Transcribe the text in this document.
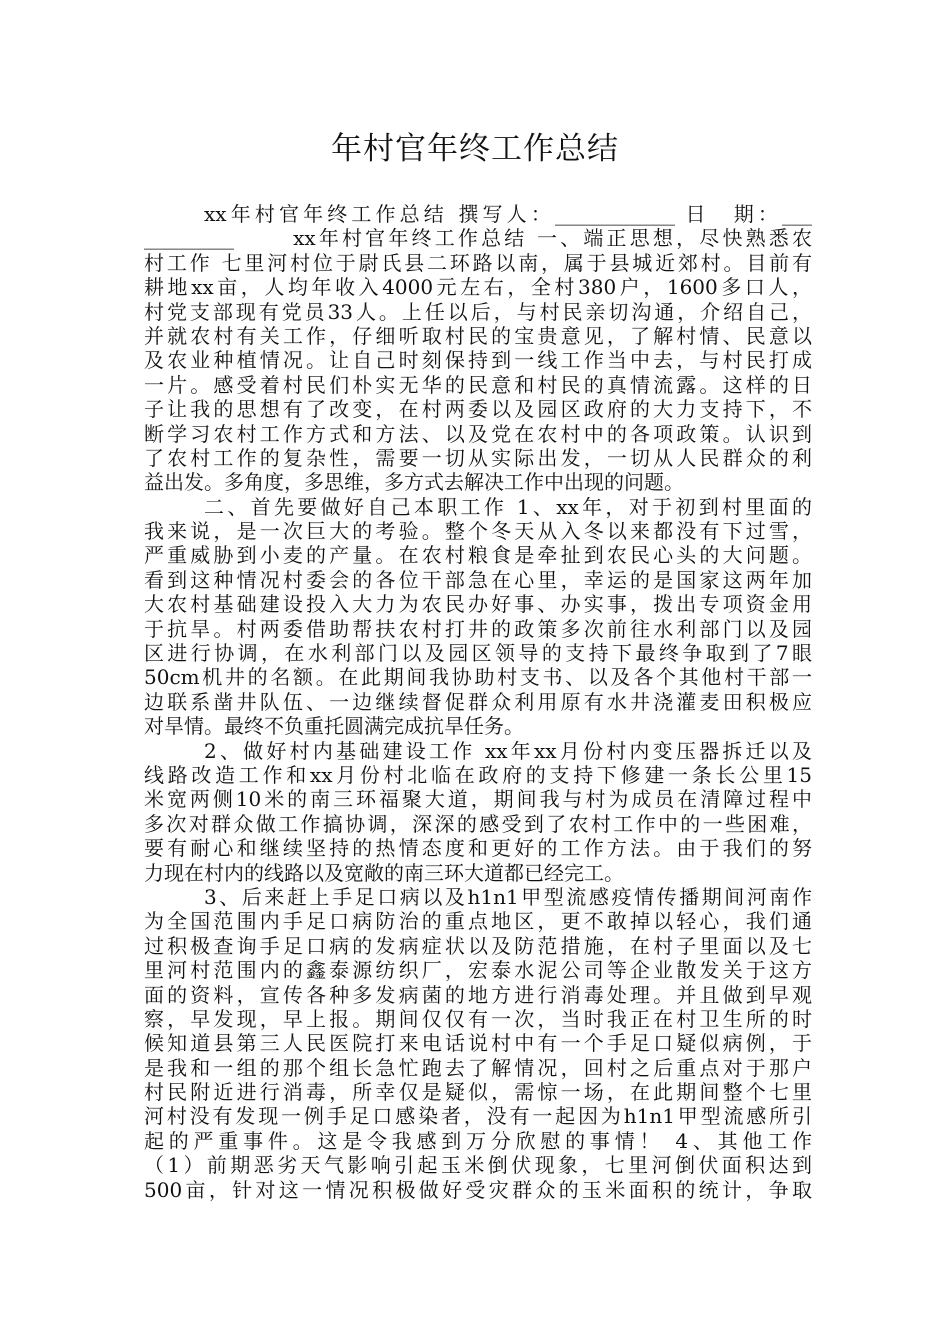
年村官年终工作总结
xx年村官年终工作总结 撰写人：____________ 日　期：___
_________　　 xx年村官年终工作总结 一、端正思想，尽快熟悉农
村工作 七里河村位于尉氏县二环路以南，属于县城近郊村。目前有
耕地xx亩，人均年收入4000元左右，全村380户，1600多口人，
村党支部现有党员33人。上任以后，与村民亲切沟通，介绍自己，
并就农村有关工作，仔细听取村民的宝贵意见，了解村情、民意以
及农业种植情况。让自己时刻保持到一线工作当中去，与村民打成
一片。感受着村民们朴实无华的民意和村民的真情流露。这样的日
子让我的思想有了改变，在村两委以及园区政府的大力支持下，不
断学习农村工作方式和方法、以及党在农村中的各项政策。认识到
了农村工作的复杂性，需要一切从实际出发，一切从人民群众的利
益出发。多角度，多思维，多方式去解决工作中出现的问题。
二、首先要做好自己本职工作 1、xx年，对于初到村里面的
我来说，是一次巨大的考验。整个冬天从入冬以来都没有下过雪，
严重威胁到小麦的产量。在农村粮食是牵扯到农民心头的大问题。
看到这种情况村委会的各位干部急在心里，幸运的是国家这两年加
大农村基础建设投入大力为农民办好事、办实事，拨出专项资金用
于抗旱。村两委借助帮扶农村打井的政策多次前往水利部门以及园
区进行协调，在水利部门以及园区领导的支持下最终争取到了7眼
50cm机井的名额。在此期间我协助村支书、以及各个其他村干部一
边联系凿井队伍、一边继续督促群众利用原有水井浇灌麦田积极应
对旱情。最终不负重托圆满完成抗旱任务。
2、做好村内基础建设工作 xx年xx月份村内变压器拆迁以及
线路改造工作和xx月份村北临在政府的支持下修建一条长公里15
米宽两侧10米的南三环福聚大道，期间我与村为成员在清障过程中
多次对群众做工作搞协调，深深的感受到了农村工作中的一些困难，
要有耐心和继续坚持的热情态度和更好的工作方法。由于我们的努
力现在村内的线路以及宽敞的南三环大道都已经完工。
3、后来赶上手足口病以及h1n1甲型流感疫情传播期间河南作
为全国范围内手足口病防治的重点地区，更不敢掉以轻心，我们通
过积极查询手足口病的发病症状以及防范措施，在村子里面以及七
里河村范围内的鑫泰源纺织厂，宏泰水泥公司等企业散发关于这方
面的资料，宣传各种多发病菌的地方进行消毒处理。并且做到早观
察，早发现，早上报。期间仅仅有一次，当时我正在村卫生所的时
候知道县第三人民医院打来电话说村中有一个手足口疑似病例，于
是我和一组的那个组长急忙跑去了解情况，回村之后重点对于那户
村民附近进行消毒，所幸仅是疑似，需惊一场，在此期间整个七里
河村没有发现一例手足口感染者，没有一起因为h1n1甲型流感所引
起的严重事件。这是令我感到万分欣慰的事情！ 4、其他工作
（1）前期恶劣天气影响引起玉米倒伏现象，七里河倒伏面积达到
500亩，针对这一情况积极做好受灾群众的玉米面积的统计，争取
